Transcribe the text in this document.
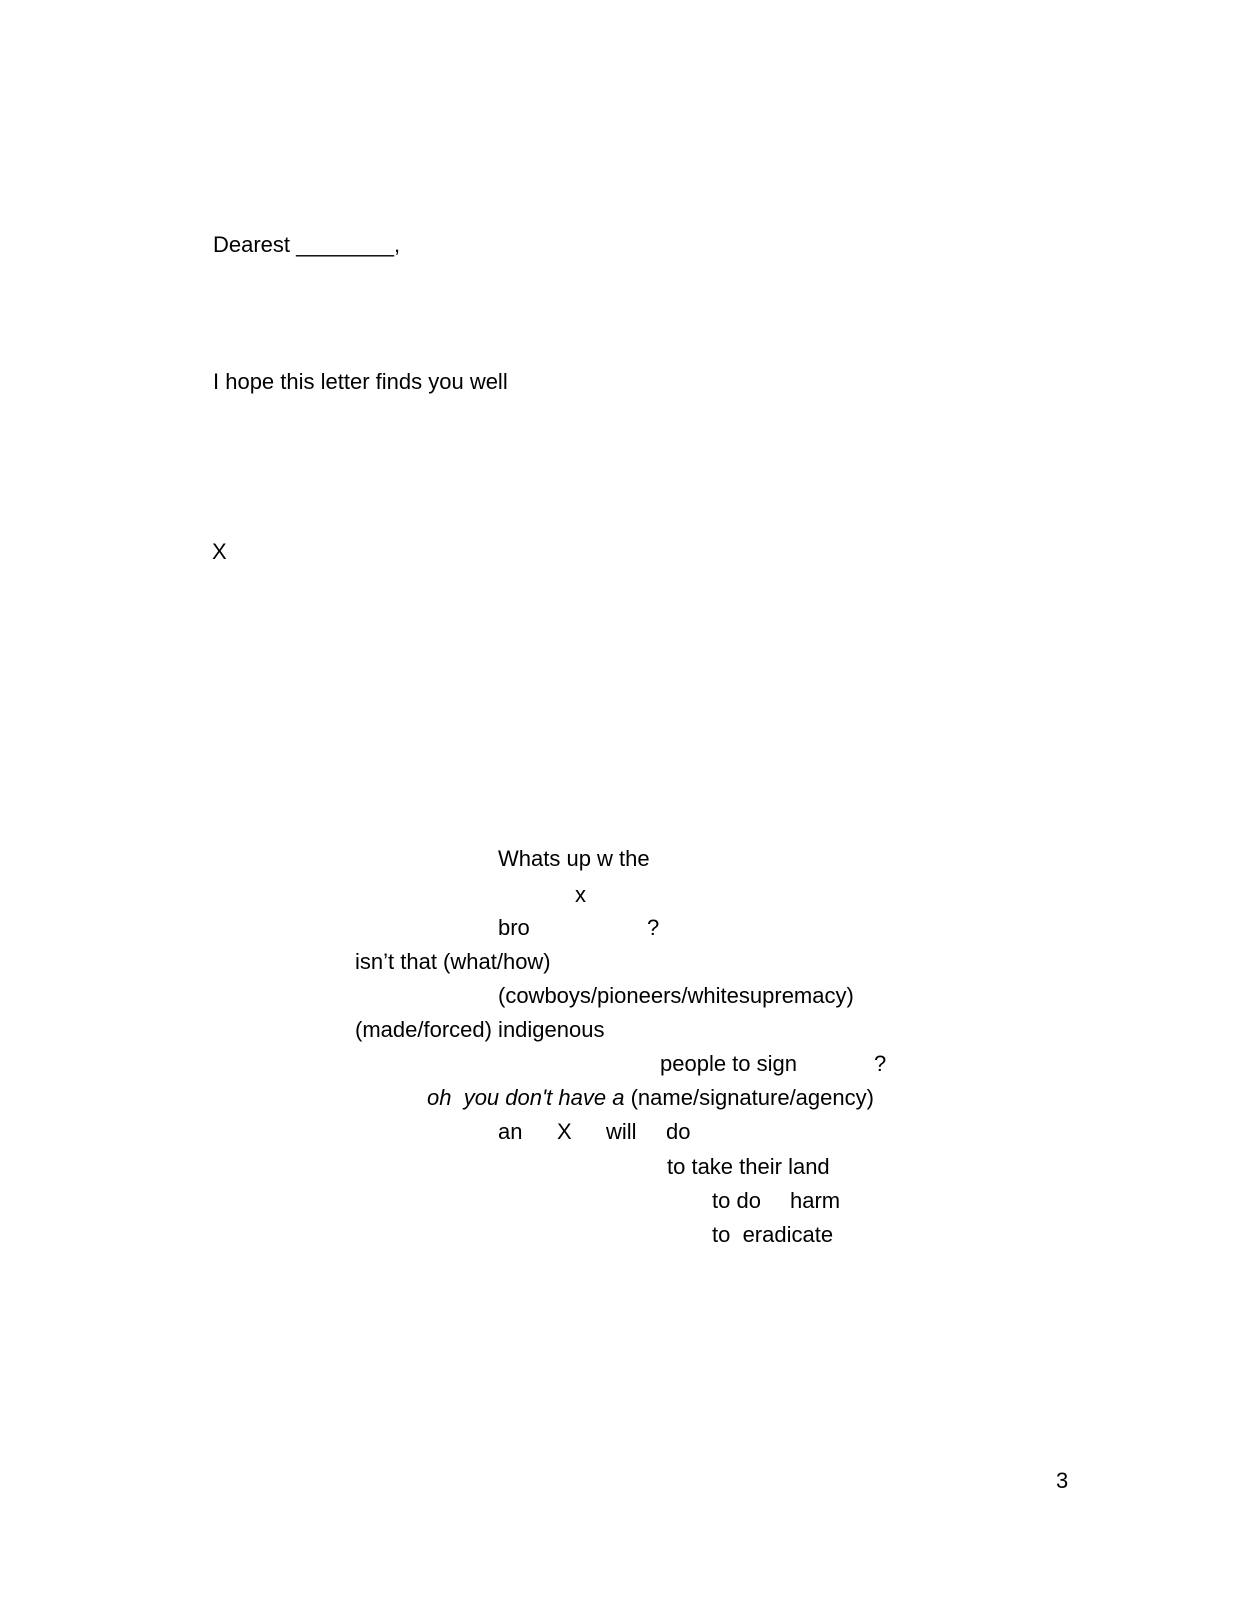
Dearest ________,

I hope this letter finds you well

X

Whats up w the

x

bro	?

isn’t that (what/how)

(cowboys/pioneers/whitesupremacy)

(made/forced) indigenous

people to sign	?

oh  you don't have a (name/signature/agency)

an X will do

to take their land

to do harm

to  eradicate

3
